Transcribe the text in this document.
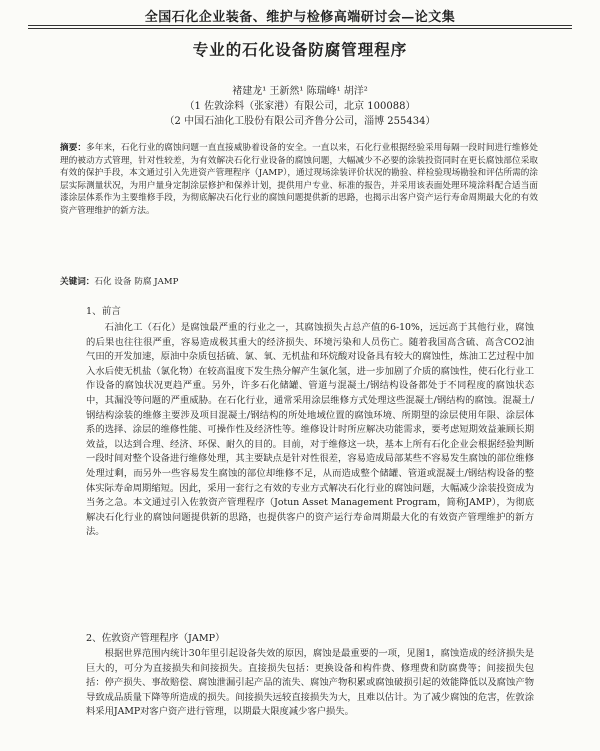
全国石化企业装备、维护与检修高端研讨会—论文集
专业的石化设备防腐管理程序
褚建龙¹ 王新然¹ 陈瑞峰¹ 胡洋²
（1 佐敦涂料（张家港）有限公司，北京 100088）
（2 中国石油化工股份有限公司齐鲁分公司，淄博 255434）
摘要：多年来，石化行业的腐蚀问题一直直接威胁着设备的安全。一直以来，石化行业根据经验采用每隔一段时间进行维修处理的被动方式管理，针对性较差，为有效解决石化行业设备的腐蚀问题，大幅减少不必要的涂装投资同时在更长腐蚀部位采取有效的保护手段，本文通过引入先进资产管理程序（JAMP），通过现场涂装评价状况的勘验、样检验现场勘验和评估所需的涂层实际测量状况，为用户量身定制涂层修护和保养计划，提供用户专业、标准的报告，并采用该表面处理环境涂料配合适当面漆涂层体系作为主要维修手段，为彻底解决石化行业的腐蚀问题提供新的思路，也揭示出客户资产运行寿命周期最大化的有效资产管理维护的新方法。
关键词：石化 设备 防腐 JAMP
1、前言
石油化工（石化）是腐蚀最严重的行业之一，其腐蚀损失占总产值的6-10%，远远高于其他行业，腐蚀的后果也往往很严重，容易造成极其重大的经济损失、环境污染和人员伤亡。随着我国高含硫、高含CO2油气田的开发加速，原油中杂质包括硫、氯、氧、无机盐和环烷酸对设备具有较大的腐蚀性，炼油工艺过程中加入水后使无机盐（氯化物）在较高温度下发生热分解产生氯化氢，进一步加剧了介质的腐蚀性，使石化行业工作设备的腐蚀状况更趋严重。另外，许多石化储罐、管道与混凝土/钢结构设备都处于不同程度的腐蚀状态中，其漏没等问题的严重威胁。在石化行业，通常采用涂层维修方式处理这些混凝土/钢结构的腐蚀。混凝土/钢结构涂装的维修主要涉及项目混凝土/钢结构的所处地域位置的腐蚀环境、所期望的涂层使用年限、涂层体系的选择、涂层的维修性能、可操作性及经济性等。维修设计时所应解决功能需求，要考虑短期效益兼顾长期效益，以达到合理、经济、环保、耐久的目的。目前，对于维修这一块，基本上所有石化企业会根据经验判断一段时间对整个设备进行维修处理，其主要缺点是针对性很差，容易造成局部某些不容易发生腐蚀的部位维修处理过剩，而另外一些容易发生腐蚀的部位却维修不足，从而造成整个储罐、管道或混凝土/钢结构设备的整体实际寿命周期缩短。因此，采用一套行之有效的专业方式解决石化行业的腐蚀问题，大幅减少涂装投资成为当务之急。本文通过引入佐敦资产管理程序（Jotun Asset Management Program，简称JAMP），为彻底解决石化行业的腐蚀问题提供新的思路，也提供客户的资产运行寿命周期最大化的有效资产管理维护的新方法。
2、佐敦资产管理程序（JAMP）
根据世界范围内统计30年里引起设备失效的原因，腐蚀是最重要的一项，见图1，腐蚀造成的经济损失是巨大的，可分为直接损失和间接损失。直接损失包括：更换设备和构件费、修理费和防腐费等；间接损失包括：停产损失、事故赔偿、腐蚀泄漏引起产品的流失、腐蚀产物积累或腐蚀破损引起的效能降低以及腐蚀产物导致成品质量下降等所造成的损失。间接损失远较直接损失为大，且难以估计。为了减少腐蚀的危害，佐敦涂料采用JAMP对客户资产进行管理，以期最大限度减少客户损失。
